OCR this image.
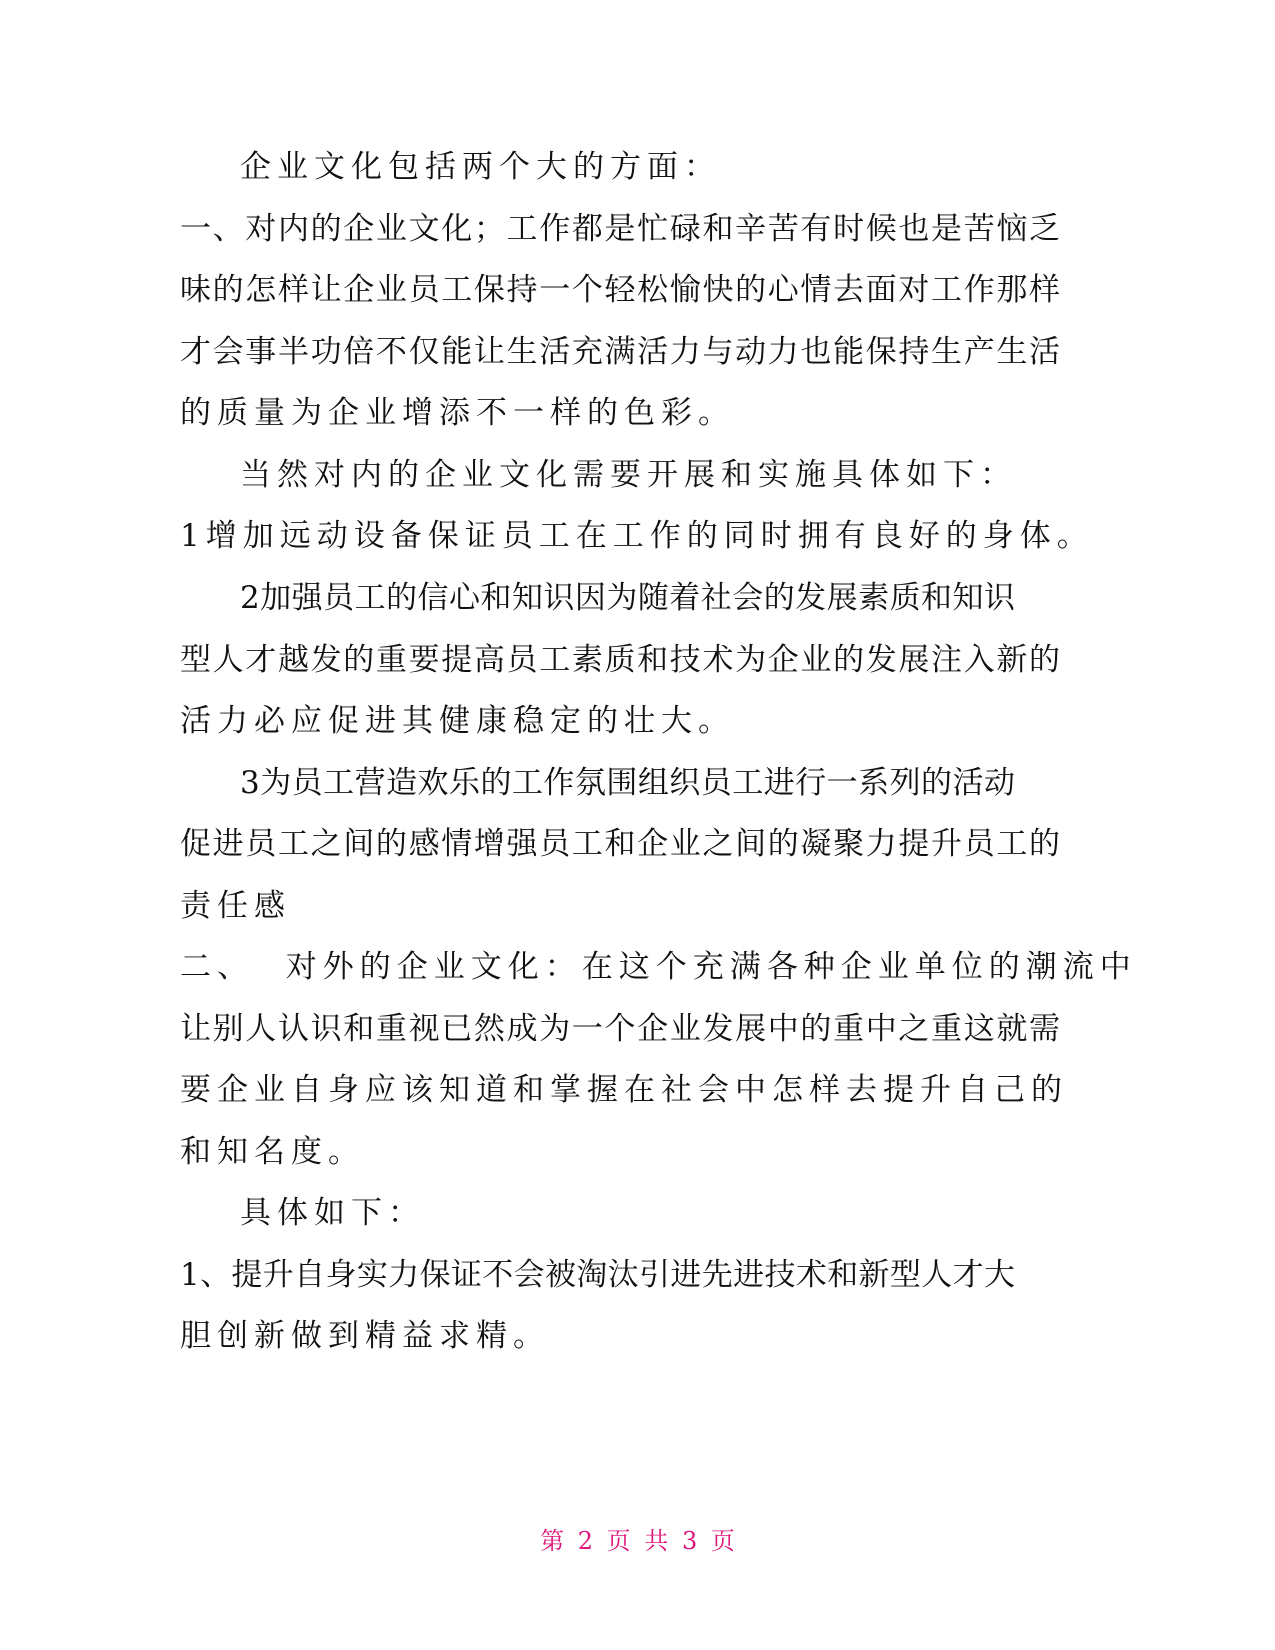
企业文化包括两个大的方面：
一、对内的企业文化；工作都是忙碌和辛苦有时候也是苦恼乏
味的怎样让企业员工保持一个轻松愉快的心情去面对工作那样
才会事半功倍不仅能让生活充满活力与动力也能保持生产生活
的质量为企业增添不一样的色彩。
当然对内的企业文化需要开展和实施具体如下：
1增加远动设备保证员工在工作的同时拥有良好的身体。
2加强员工的信心和知识因为随着社会的发展素质和知识
型人才越发的重要提高员工素质和技术为企业的发展注入新的
活力必应促进其健康稳定的壮大。
3为员工营造欢乐的工作氛围组织员工进行一系列的活动
促进员工之间的感情增强员工和企业之间的凝聚力提升员工的
责任感
二、  对外的企业文化：在这个充满各种企业单位的潮流中
让别人认识和重视已然成为一个企业发展中的重中之重这就需
要企业自身应该知道和掌握在社会中怎样去提升自己的
和知名度。
具体如下：
1、提升自身实力保证不会被淘汰引进先进技术和新型人才大
胆创新做到精益求精。
第 2 页 共 3 页
